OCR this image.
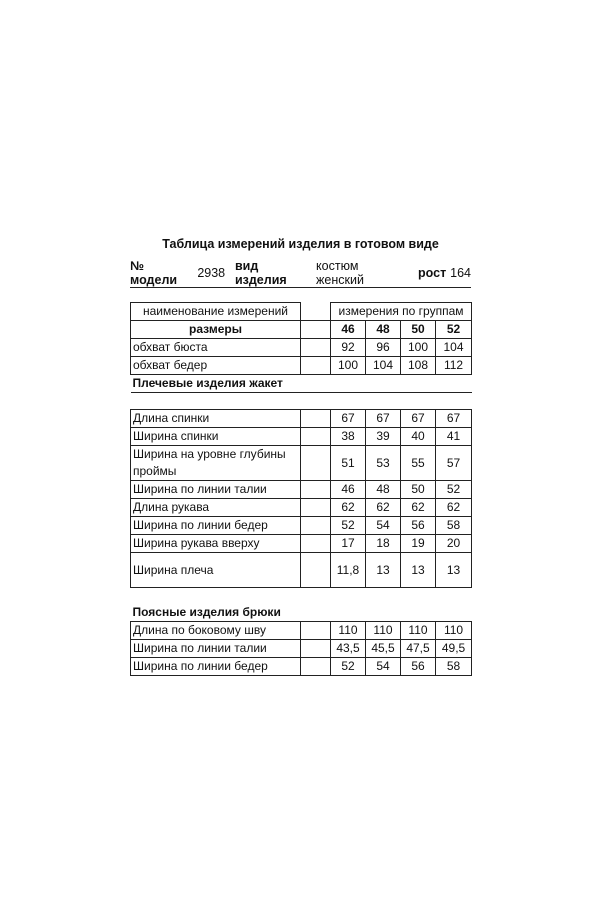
Таблица измерений изделия в готовом виде
№ модели	2938 вид изделия
костюм женский	рост 164
наименование измерений		измерения по группам			
размеры		46	48	50	52
обхват бюста		92	96	100	104
обхват бедер		100	104	108	112
Плечевые изделия жакет					

Длина спинки		67	67	67	67
Ширина спинки		38	39	40	41
Ширина на уровне глубины проймы		51	53	55	57
Ширина по линии талии		46	48	50	52
Длина рукава		62	62	62	62
Ширина по линии бедер		52	54	56	58
Ширина рукава вверху		17	18	19	20
Ширина плеча		11,8	13	13	13

Поясные изделия брюки					
Длина по боковому шву		110	110	110	110
Ширина по линии талии		43,5	45,5	47,5	49,5
Ширина по линии бедер		52	54	56	58
